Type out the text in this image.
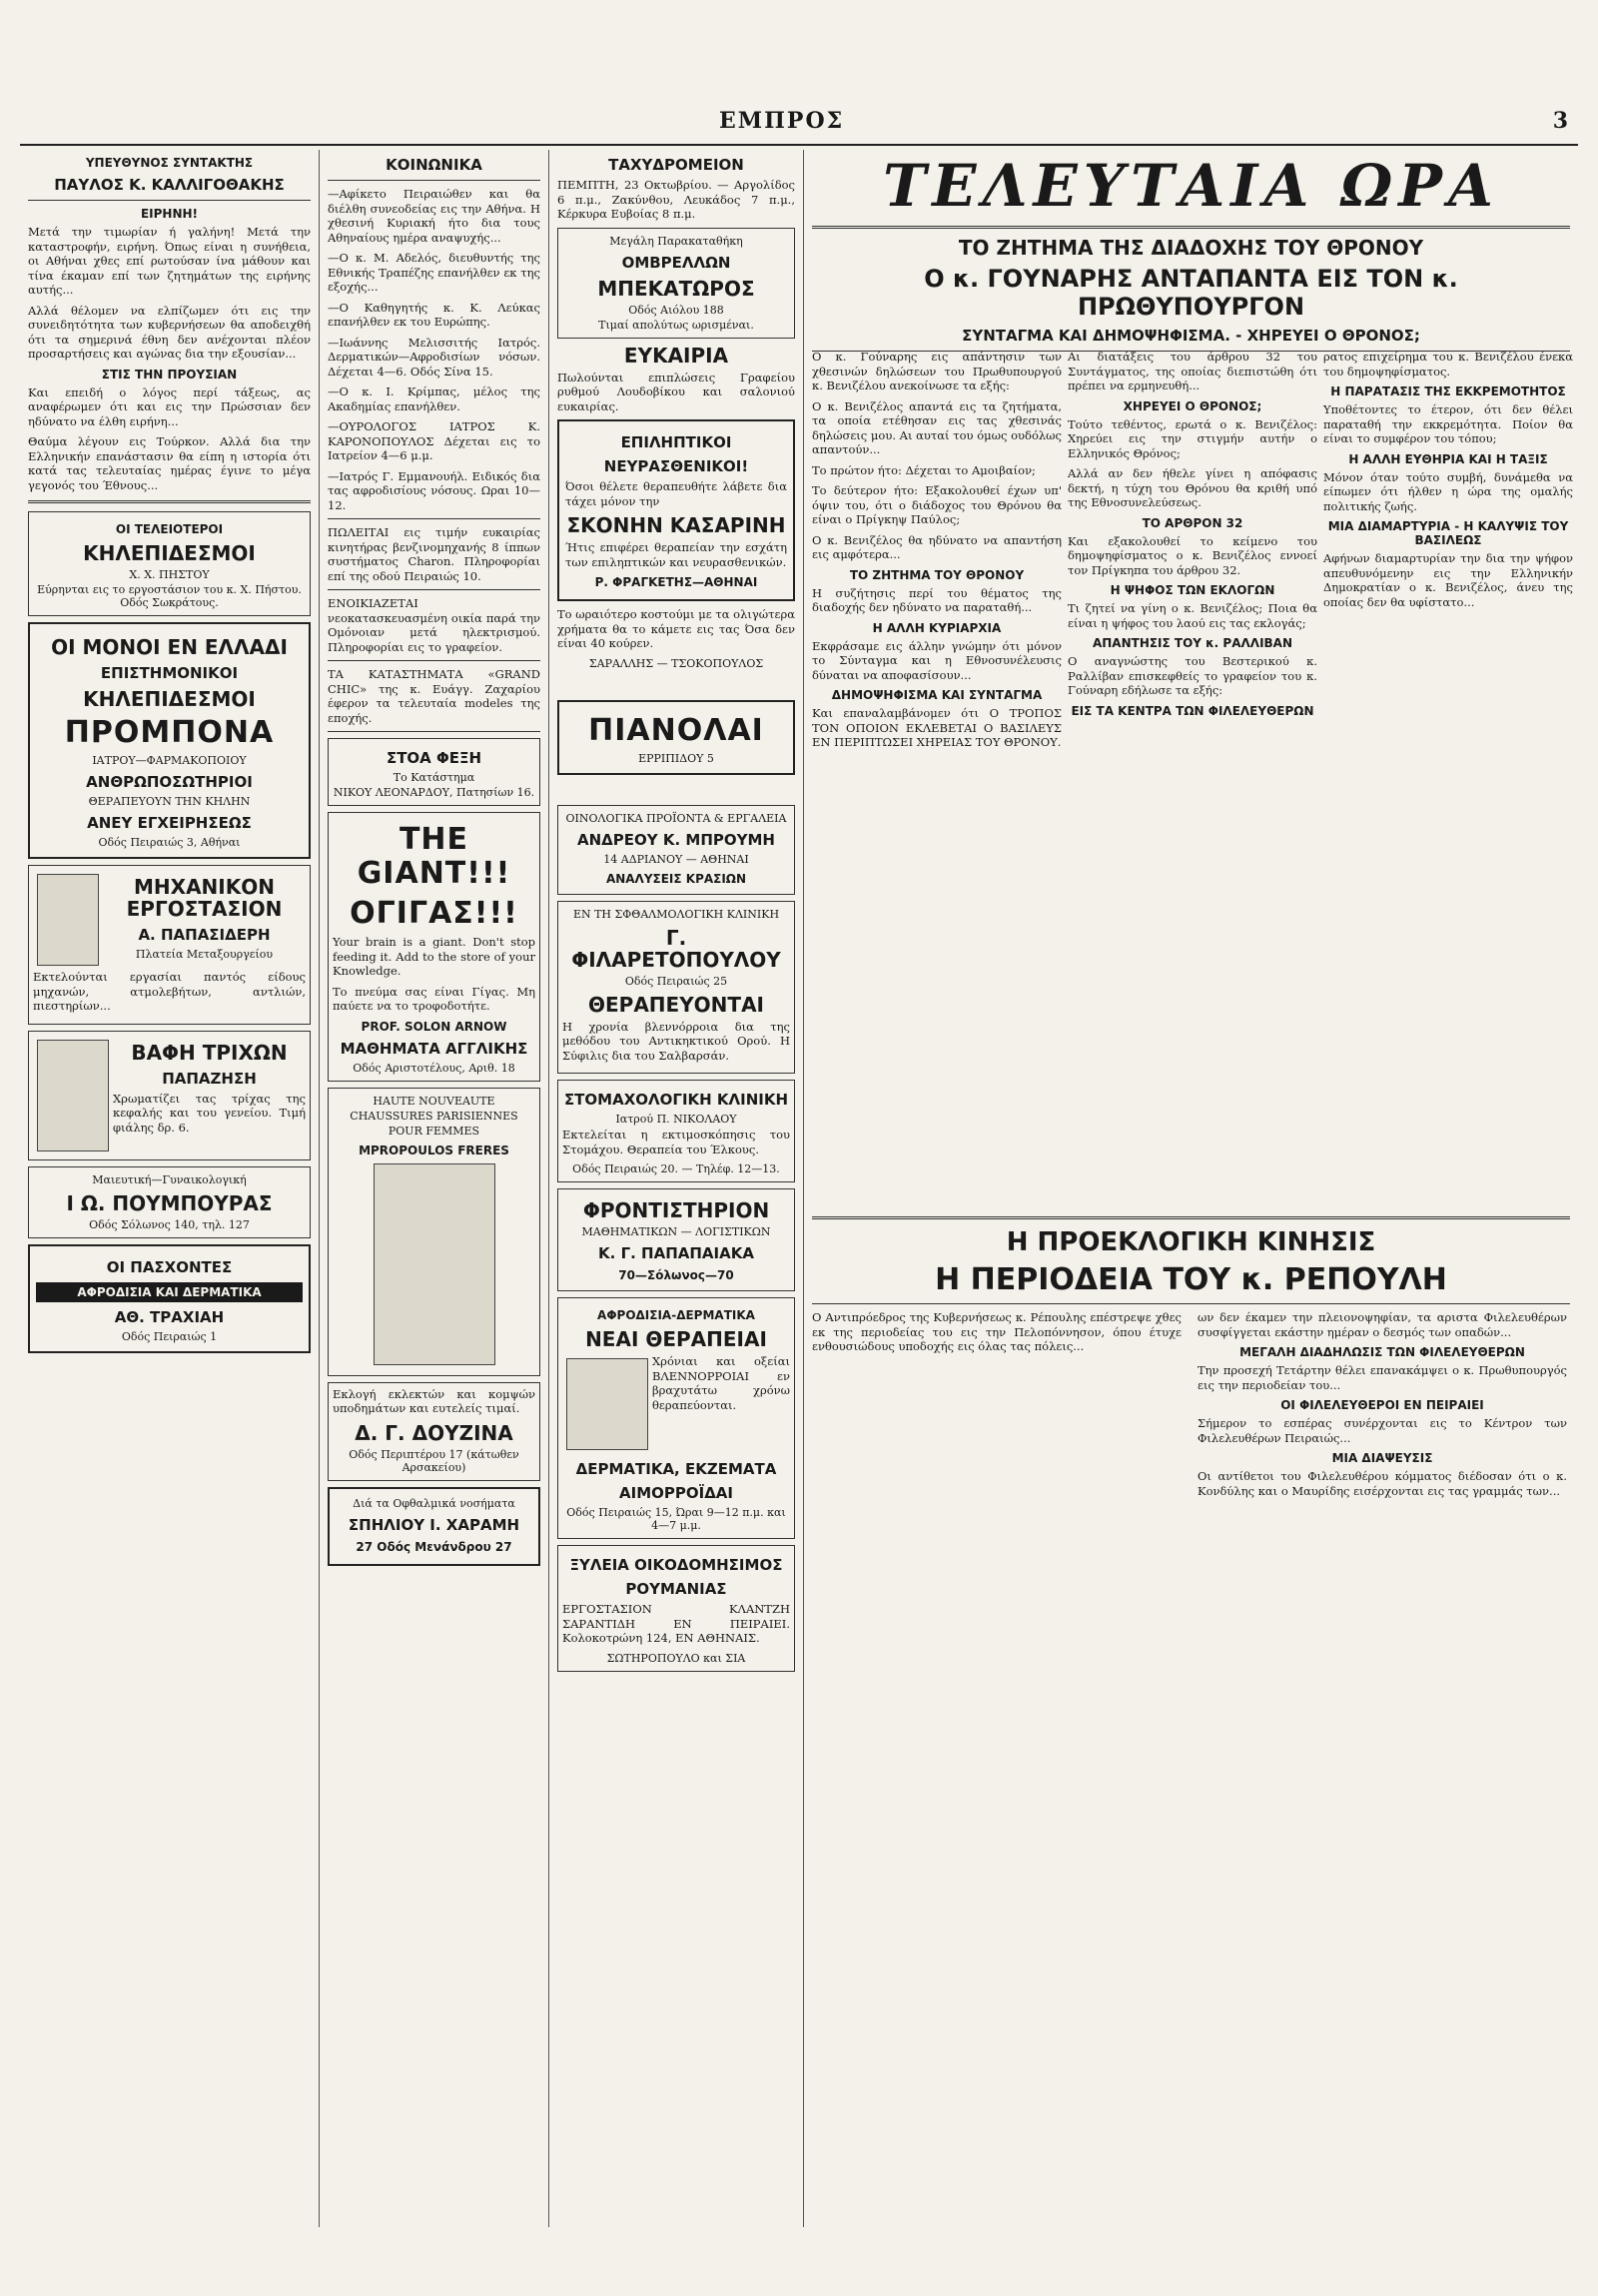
ΕΜΠΡΟΣ	3
ΥΠΕΥΘΥΝΟΣ ΣΥΝΤΑΚΤΗΣ
ΠΑΥΛΟΣ Κ. ΚΑΛΛΙΓΟΘΑΚΗΣ
ΕΙΡΗΝΗ!

Μετά την τιμωρίαν ή γαλήνη! Μετά την καταστροφήν, ειρήνη. Όπως είναι η συνήθεια, οι Αθήναι χθες επί ρωτούσαν ίνα μάθουν και τίνα έκαμαν επί των ζητημάτων της ειρήνης αυτής...

Αλλά θέλομεν να ελπίζωμεν ότι εις την συνειδητότητα των κυβερνήσεων θα αποδειχθή ότι τα σημερινά έθνη δεν ανέχονται πλέον προσαρτήσεις και αγώνας δια την εξουσίαν...

ΣΤΙΣ ΤΗΝ ΠΡΟΥΣΙΑΝ

Και επειδή ο λόγος περί τάξεως, ας αναφέρωμεν ότι και εις την Πρώσσιαν δεν ηδύνατο να έλθη ειρήνη...

Θαύμα λέγουν εις Τούρκον. Αλλά δια την Ελληνικήν επανάστασιν θα είπη η ιστορία ότι κατά τας τελευταίας ημέρας έγινε το μέγα γεγονός του Έθνους...

ΟΙ ΤΕΛΕΙΟΤΕΡΟΙ
ΚΗΛΕΠΙΔΕΣΜΟΙ
Χ. Χ. ΠΗΣΤΟΥ
Εύρηνται εις το εργοστάσιον του κ. Χ. Πήστου. Οδός Σωκράτους.
ΟΙ ΜΟΝΟΙ ΕΝ ΕΛΛΑΔΙ
ΕΠΙΣΤΗΜΟΝΙΚΟΙ
ΚΗΛΕΠΙΔΕΣΜΟΙ
ΠΡΟΜΠΟΝΑ
ΙΑΤΡΟΥ—ΦΑΡΜΑΚΟΠΟΙΟΥ
ΑΝΘΡΩΠΟΣΩΤΗΡΙΟΙ
ΘΕΡΑΠΕΥΟΥΝ ΤΗΝ ΚΗΛΗΝ
ΑΝΕΥ ΕΓΧΕΙΡΗΣΕΩΣ
Οδός Πειραιώς 3, Αθήναι
ΜΗΧΑΝΙΚΟΝ ΕΡΓΟΣΤΑΣΙΟΝ
Α. ΠΑΠΑΣΙΔΕΡΗ
Πλατεία Μεταξουργείου

Εκτελούνται εργασίαι παντός είδους μηχανών, ατμολεβήτων, αντλιών, πιεστηρίων...

ΒΑΦΗ ΤΡΙΧΩΝ
ΠΑΠΑΖΗΣΗ

Χρωματίζει τας τρίχας της κεφαλής και του γενείου. Τιμή φιάλης δρ. 6.

Μαιευτική—Γυναικολογική
Ι Ω. ΠΟΥΜΠΟΥΡΑΣ
Οδός Σόλωνος 140, τηλ. 127
ΟΙ ΠΑΣΧΟΝΤΕΣ
ΑΦΡΟΔΙΣΙΑ ΚΑΙ ΔΕΡΜΑΤΙΚΑ
ΑΘ. ΤΡΑΧΙΑΗ
Οδός Πειραιώς 1
ΚΟΙΝΩΝΙΚΑ

—Αφίκετο Πειραιώθεν και θα διέλθη συνεοδείας εις την Αθήνα. Η χθεσινή Κυριακή ήτο δια τους Αθηναίους ημέρα αναψυχής...

—Ο κ. Μ. Αδελός, διευθυντής της Εθνικής Τραπέζης επανήλθεν εκ της εξοχής...

—Ο Καθηγητής κ. Κ. Λεύκας επανήλθεν εκ του Ευρώπης.

—Ιωάννης Μελισσιτής Ιατρός. Δερματικών—Αφροδισίων νόσων. Δέχεται 4—6. Οδός Σίνα 15.

—Ο κ. Ι. Κρίμπας, μέλος της Ακαδημίας επανήλθεν.

—ΟΥΡΟΛΟΓΟΣ ΙΑΤΡΟΣ Κ. ΚΑΡΟΝΟΠΟΥΛΟΣ Δέχεται εις το Ιατρείον 4—6 μ.μ.

—Ιατρός Γ. Εμμανουήλ. Ειδικός δια τας αφροδισίους νόσους. Ωραι 10—12.

ΠΩΛΕΙΤΑΙ εις τιμήν ευκαιρίας κινητήρας βενζινομηχανής 8 ίππων συστήματος Charon. Πληροφορίαι επί της οδού Πειραιώς 10.

ΕΝΟΙΚΙΑΖΕΤΑΙ νεοκατασκευασμένη οικία παρά την Ομόνοιαν μετά ηλεκτρισμού. Πληροφορίαι εις το γραφείον.

ΤΑ ΚΑΤΑΣΤΗΜΑΤΑ «GRAND CHIC» της κ. Ευάγγ. Ζαχαρίου έφερον τα τελευταία modeles της εποχής.

ΣΤΟΑ ΦΕΞΗ
Το Κατάστημα
ΝΙΚΟΥ ΛΕΟΝΑΡΔΟΥ, Πατησίων 16.
THE GIANT!!!
ΟΓΙΓΑΣ!!!

Your brain is a giant. Don't stop feeding it. Add to the store of your Knowledge.

Το πνεύμα σας είναι Γίγας. Μη παύετε να το τροφοδοτήτε.

PROF. SOLON ARNOW
ΜΑΘΗΜΑΤΑ ΑΓΓΛΙΚΗΣ
Οδός Αριστοτέλους, Αριθ. 18
HAUTE NOUVEAUTE
CHAUSSURES PARISIENNES
POUR FEMMES
MPROPOULOS FRERES

Εκλογή εκλεκτών και κομψών υποδημάτων και ευτελείς τιμαί.

Δ. Γ. ΔΟΥΖΙΝΑ
Οδός Περιπτέρου 17 (κάτωθεν Αρσακείου)
Διά τα Οφθαλμικά νοσήματα
ΣΠΗΛΙΟΥ Ι. ΧΑΡΑΜΗ
27 Οδός Μενάνδρου 27
ΤΑΧΥΔΡΟΜΕΙΟΝ

ΠΕΜΠΤΗ, 23 Οκτωβρίου. — Αργολίδος 6 π.μ., Ζακύνθου, Λευκάδος 7 π.μ., Κέρκυρα Ευβοίας 8 π.μ.

Μεγάλη Παρακαταθήκη
ΟΜΒΡΕΛΛΩΝ
ΜΠΕΚΑΤΩΡΟΣ
Οδός Αιόλου 188
Τιμαί απολύτως ωρισμέναι.
ΕΥΚΑΙΡΙΑ

Πωλούνται επιπλώσεις Γραφείου ρυθμού Λουδοβίκου και σαλονιού ευκαιρίας.

ΕΠΙΛΗΠΤΙΚΟΙ
ΝΕΥΡΑΣΘΕΝΙΚΟΙ!

Όσοι θέλετε θεραπευθήτε λάβετε δια τάχει μόνον την

ΣΚΟΝΗΝ ΚΑΣΑΡΙΝΗ

Ήτις επιφέρει θεραπείαν την εσχάτη των επιληπτικών και νευρασθενικών.

Ρ. ΦΡΑΓΚΕΤΗΣ—ΑΘΗΝΑΙ

Το ωραιότερο κοστούμι με τα ολιγώτερα χρήματα θα το κάμετε εις τας Όσα δεν είναι 40 κούρεν.

ΣΑΡΑΛΛΗΣ — ΤΣΟΚΟΠΟΥΛΟΣ
ΠΙΑΝΟΛΑΙ
ΕΡΡΙΠΙΔΟΥ 5
ΟΙΝΟΛΟΓΙΚΑ ΠΡΟΪΟΝΤΑ & ΕΡΓΑΛΕΙΑ
ΑΝΔΡΕΟΥ Κ. ΜΠΡΟΥΜΗ
14 ΑΔΡΙΑΝΟΥ — ΑΘΗΝΑΙ
ΑΝΑΛΥΣΕΙΣ ΚΡΑΣΙΩΝ
ΕΝ ΤΗ ΣΦΘΑΛΜΟΛΟΓΙΚΗ ΚΛΙΝΙΚΗ
Γ. ΦΙΛΑΡΕΤΟΠΟΥΛΟΥ
Οδός Πειραιώς 25
ΘΕΡΑΠΕΥΟΝΤΑΙ

Η χρονία βλεννόρροια δια της μεθόδου του Αντικηκτικού Ορού. Η Σύφιλις δια του Σαλβαρσάν.

ΣΤΟΜΑΧΟΛΟΓΙΚΗ ΚΛΙΝΙΚΗ
Ιατρού Π. ΝΙΚΟΛΑΟΥ

Εκτελείται η εκτιμοσκόπησις του Στομάχου. Θεραπεία του Έλκους.

Οδός Πειραιώς 20. — Τηλέφ. 12—13.
ΦΡΟΝΤΙΣΤΗΡΙΟΝ
ΜΑΘΗΜΑΤΙΚΩΝ — ΛΟΓΙΣΤΙΚΩΝ
Κ. Γ. ΠΑΠΑΠΑΙΑΚΑ
70—Σόλωνος—70
ΑΦΡΟΔΙΣΙΑ-ΔΕΡΜΑΤΙΚΑ
ΝΕΑΙ ΘΕΡΑΠΕΙΑΙ

Χρόνιαι και οξείαι ΒΛΕΝΝΟΡΡΟΙΑΙ εν βραχυτάτω χρόνω θεραπεύονται.

ΔΕΡΜΑΤΙΚΑ, ΕΚΖΕΜΑΤΑ
ΑΙΜΟΡΡΟΪΔΑΙ
Οδός Πειραιώς 15, Ώραι 9—12 π.μ. και 4—7 μ.μ.
ΞΥΛΕΙΑ ΟΙΚΟΔΟΜΗΣΙΜΟΣ
ΡΟΥΜΑΝΙΑΣ

ΕΡΓΟΣΤΑΣΙΟΝ ΚΛΑΝΤΖΗ ΣΑΡΑΝΤΙΔΗ ΕΝ ΠΕΙΡΑΙΕΙ. Κολοκοτρώνη 124, ΕΝ ΑΘΗΝΑΙΣ.

ΣΩΤΗΡΟΠΟΥΛΟ και ΣΙΑ
ΤΕΛΕΥΤΑΙΑ ΩΡΑ
ΤΟ ΖΗΤΗΜΑ ΤΗΣ ΔΙΑΔΟΧΗΣ ΤΟΥ ΘΡΟΝΟΥ
Ο κ. ΓΟΥΝΑΡΗΣ ΑΝΤΑΠΑΝΤΑ ΕΙΣ ΤΟΝ κ. ΠΡΩΘΥΠΟΥΡΓΟΝ
ΣΥΝΤΑΓΜΑ ΚΑΙ ΔΗΜΟΨΗΦΙΣΜΑ. - ΧΗΡΕΥΕΙ Ο ΘΡΟΝΟΣ;

Ο κ. Γούναρης εις απάντησιν των χθεσινών δηλώσεων του Πρωθυπουργού κ. Βενιζέλου ανεκοίνωσε τα εξής:

Ο κ. Βενιζέλος απαντά εις τα ζητήματα, τα οποία ετέθησαν εις τας χθεσινάς δηλώσεις μου. Αι αυταί του όμως ουδόλως απαντούν...

Το πρώτον ήτο: Δέχεται το Αμοιβαίον;

Το δεύτερον ήτο: Εξακολουθεί έχων υπ' όψιν του, ότι ο διάδοχος του Θρόνου θα είναι ο Πρίγκηψ Παύλος;

Ο κ. Βενιζέλος θα ηδύνατο να απαντήση εις αμφότερα...

ΤΟ ΖΗΤΗΜΑ ΤΟΥ ΘΡΟΝΟΥ

Η συζήτησις περί του θέματος της διαδοχής δεν ηδύνατο να παραταθή...

Η ΑΛΛΗ ΚΥΡΙΑΡΧΙΑ

Εκφράσαμε εις άλλην γνώμην ότι μόνον το Σύνταγμα και η Εθνοσυνέλευσις δύναται να αποφασίσουν...

ΔΗΜΟΨΗΦΙΣΜΑ ΚΑΙ ΣΥΝΤΑΓΜΑ

Και επαναλαμβάνομεν ότι Ο ΤΡΟΠΟΣ ΤΟΝ ΟΠΟΙΟΝ ΕΚΛΕΒΕΤΑΙ Ο ΒΑΣΙΛΕΥΣ ΕΝ ΠΕΡΙΠΤΩΣΕΙ ΧΗΡΕΙΑΣ ΤΟΥ ΘΡΟΝΟΥ.

Αι διατάξεις του άρθρου 32 του Συντάγματος, της οποίας διεπιστώθη ότι πρέπει να ερμηνευθή...

ΧΗΡΕΥΕΙ Ο ΘΡΟΝΟΣ;

Τούτο τεθέντος, ερωτά ο κ. Βενιζέλος: Χηρεύει εις την στιγμήν αυτήν ο Ελληνικός Θρόνος;

Αλλά αν δεν ήθελε γίνει η απόφασις δεκτή, η τύχη του Θρόνου θα κριθή υπό της Εθνοσυνελεύσεως.

ΤΟ ΑΡΘΡΟΝ 32

Και εξακολουθεί το κείμενο του δημοψηφίσματος ο κ. Βενιζέλος εννοεί τον Πρίγκηπα του άρθρου 32.

Η ΨΗΦΟΣ ΤΩΝ ΕΚΛΟΓΩΝ

Τι ζητεί να γίνη ο κ. Βενιζέλος; Ποια θα είναι η ψήφος του λαού εις τας εκλογάς;

ΑΠΑΝΤΗΣΙΣ ΤΟΥ κ. ΡΑΛΛΙΒΑΝ

Ο αναγνώστης του Βεστερικού κ. Ραλλίβαν επισκεφθείς το γραφείον του κ. Γούναρη εδήλωσε τα εξής:

ΕΙΣ ΤΑ ΚΕΝΤΡΑ ΤΩΝ ΦΙΛΕΛΕΥΘΕΡΩΝ

ρατος επιχείρημα του κ. Βενιζέλου ένεκα του δημοψηφίσματος.

Η ΠΑΡΑΤΑΣΙΣ ΤΗΣ ΕΚΚΡΕΜΟΤΗΤΟΣ

Υποθέτοντες το έτερον, ότι δεν θέλει παραταθή την εκκρεμότητα. Ποίον θα είναι το συμφέρον του τόπου;

Η ΑΛΛΗ ΕΥΘΗΡΙΑ ΚΑΙ Η ΤΑΞΙΣ

Μόνον όταν τούτο συμβή, δυνάμεθα να είπωμεν ότι ήλθεν η ώρα της ομαλής πολιτικής ζωής.

ΜΙΑ ΔΙΑΜΑΡΤΥΡΙΑ - Η ΚΑΛΥΨΙΣ ΤΟΥ ΒΑΣΙΛΕΩΣ

Αφήνων διαμαρτυρίαν την δια την ψήφον απευθυνόμενην εις την Ελληνικήν Δημοκρατίαν ο κ. Βενιζέλος, άνευ της οποίας δεν θα υφίστατο...

Η ΠΡΟΕΚΛΟΓΙΚΗ ΚΙΝΗΣΙΣ
Η ΠΕΡΙΟΔΕΙΑ ΤΟΥ κ. ΡΕΠΟΥΛΗ

Ο Αντιπρόεδρος της Κυβερνήσεως κ. Ρέπουλης επέστρεψε χθες εκ της περιοδείας του εις την Πελοπόννησον, όπου έτυχε ενθουσιώδους υποδοχής εις όλας τας πόλεις...

ων δεν έκαμεν την πλειονοψηφίαν, τα αριστα Φιλελευθέρων συσφίγγεται εκάστην ημέραν ο δεσμός των οπαδών...

ΜΕΓΑΛΗ ΔΙΑΔΗΛΩΣΙΣ ΤΩΝ ΦΙΛΕΛΕΥΘΕΡΩΝ

Την προσεχή Τετάρτην θέλει επανακάμψει ο κ. Πρωθυπουργός εις την περιοδείαν του...

ΟΙ ΦΙΛΕΛΕΥΘΕΡΟΙ ΕΝ ΠΕΙΡΑΙΕΙ

Σήμερον το εσπέρας συνέρχονται εις το Κέντρον των Φιλελευθέρων Πειραιώς...

ΜΙΑ ΔΙΑΨΕΥΣΙΣ

Οι αντίθετοι του Φιλελευθέρου κόμματος διέδοσαν ότι ο κ. Κονδύλης και ο Μαυρίδης εισέρχονται εις τας γραμμάς των...
